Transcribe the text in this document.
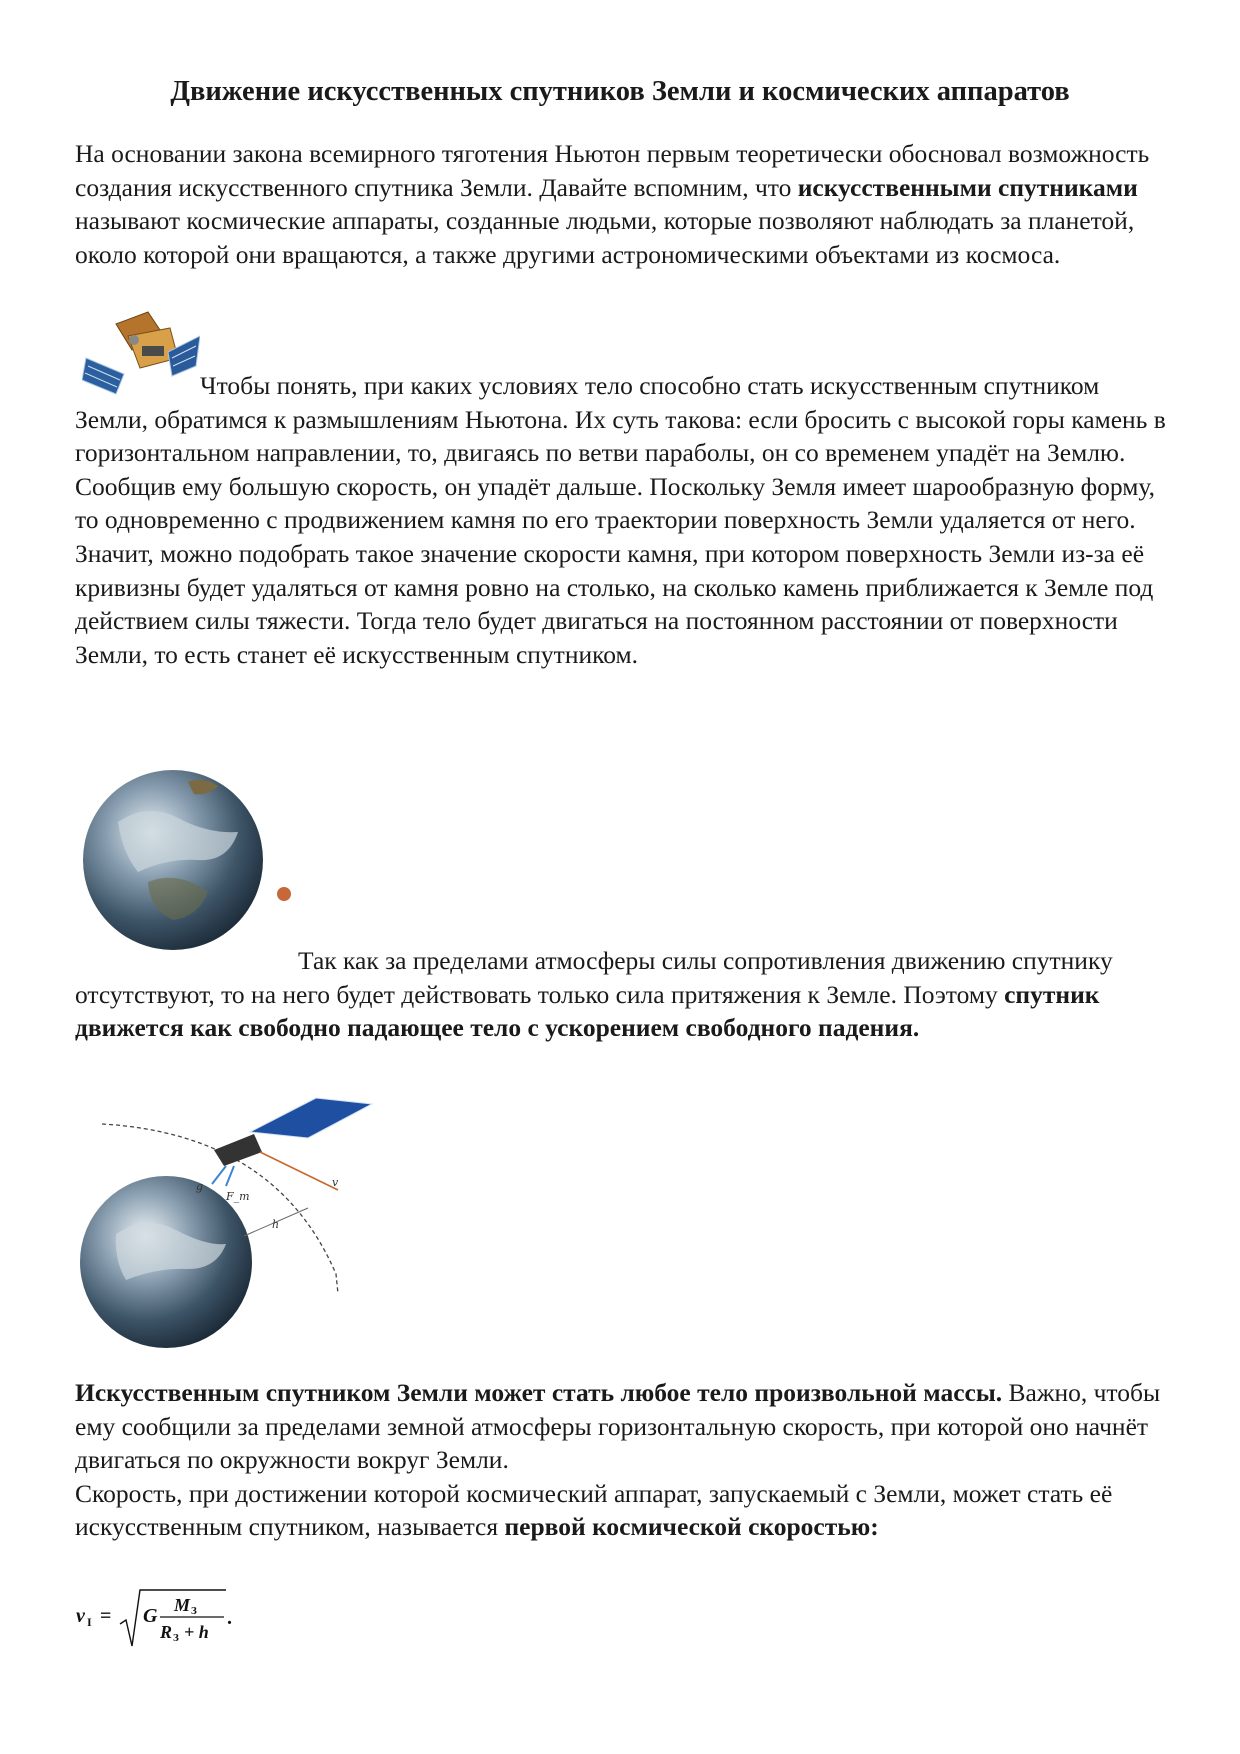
Движение искусственных спутников Земли и космических аппаратов

На основании закона всемирного тяготения Ньютон первым теоретически обосновал возможность создания искусственного спутника Земли. Давайте вспомним, что искусственными спутниками называют космические аппараты, созданные людьми, которые позволяют наблюдать за планетой, около которой они вращаются, а также другими астрономическими объектами из космоса.

Чтобы понять, при каких условиях тело способно стать искусственным спутником Земли, обратимся к размышлениям Ньютона. Их суть такова: если бросить с высокой горы камень в горизонтальном направлении, то, двигаясь по ветви параболы, он со временем упадёт на Землю. Сообщив ему большую скорость, он упадёт дальше. Поскольку Земля имеет шарообразную форму, то одновременно с продвижением камня по его траектории поверхность Земли удаляется от него. Значит, можно подобрать такое значение скорости камня, при котором поверхность Земли из-за её кривизны будет удаляться от камня ровно на столько, на сколько камень приближается к Земле под действием силы тяжести. Тогда тело будет двигаться на постоянном расстоянии от поверхности Земли, то есть станет её искусственным спутником.

Так как за пределами атмосферы силы сопротивления движению спутнику отсутствуют, то на него будет действовать только сила притяжения к Земле. Поэтому спутник движется как свободно падающее тело с ускорением свободного падения.

g
F_т
v
h

Искусственным спутником Земли может стать любое тело произвольной массы. Важно, чтобы ему сообщили за пределами земной атмосферы горизонтальную скорость, при которой оно начнёт двигаться по окружности вокруг Земли.
Скорость, при достижении которой космический аппарат, запускаемый с Земли, может стать её искусственным спутником, называется первой космической скоростью:

v I = G M З
R З + h
.
